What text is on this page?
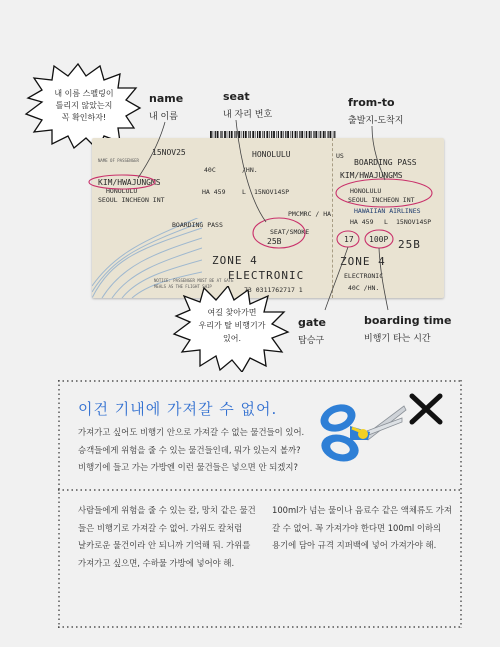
내 이름 스펠링이
틀리지 않았는지
꼭 확인하자!
name
내 이름
seat
내 자리 번호
from-to
출발지-도착지
15NOV25	HONOLULU
40C	/HN.
NAME OF PASSENGER
KIM/HWAJUNGMS
HONOLULU
SEOUL INCHEON INT
HA 459	L 15NOV14SP
BOARDING PASS
PMCMRC / HA
SEAT/SMOKE
25B
ZONE 4
ELECTRONIC
73 0311762717 1
NOTICE: PASSENGER MUST BE AT GATE
MEALS AS THE FLIGHT SHIP
US
BOARDING PASS
KIM/HWAJUNGMS
HONOLULU
SEOUL INCHEON INT
HAWAIIAN AIRLINES
HA 459 L 15NOV14SP
17 100P 25B
ZONE 4
ELECTRONIC
40C /HN.
여길 찾아가면
우리가 탈 비행기가
있어.
gate
탑승구
boarding time
비행기 타는 시간
이건 기내에 가져갈 수 없어.
가져가고 싶어도 비행기 안으로 가져갈 수 없는 물건들이 있어.
승객들에게 위험을 줄 수 있는 물건들인데, 뭐가 있는지 볼까?
비행기에 들고 가는 가방엔 이런 물건들은 넣으면 안 되겠지?
사람들에게 위험을 줄 수 있는 칼, 망치 같은 물건
들은 비행기로 가져갈 수 없어. 가위도 칼처럼
날카로운 물건이라 안 되니까 기억해 둬. 가위를
가져가고 싶으면, 수하물 가방에 넣어야 해.
100ml가 넘는 물이나 음료수 같은 액체류도 가져
갈 수 없어. 꼭 가져가야 한다면 100ml 이하의
용기에 담아 규격 지퍼백에 넣어 가져가야 해.
